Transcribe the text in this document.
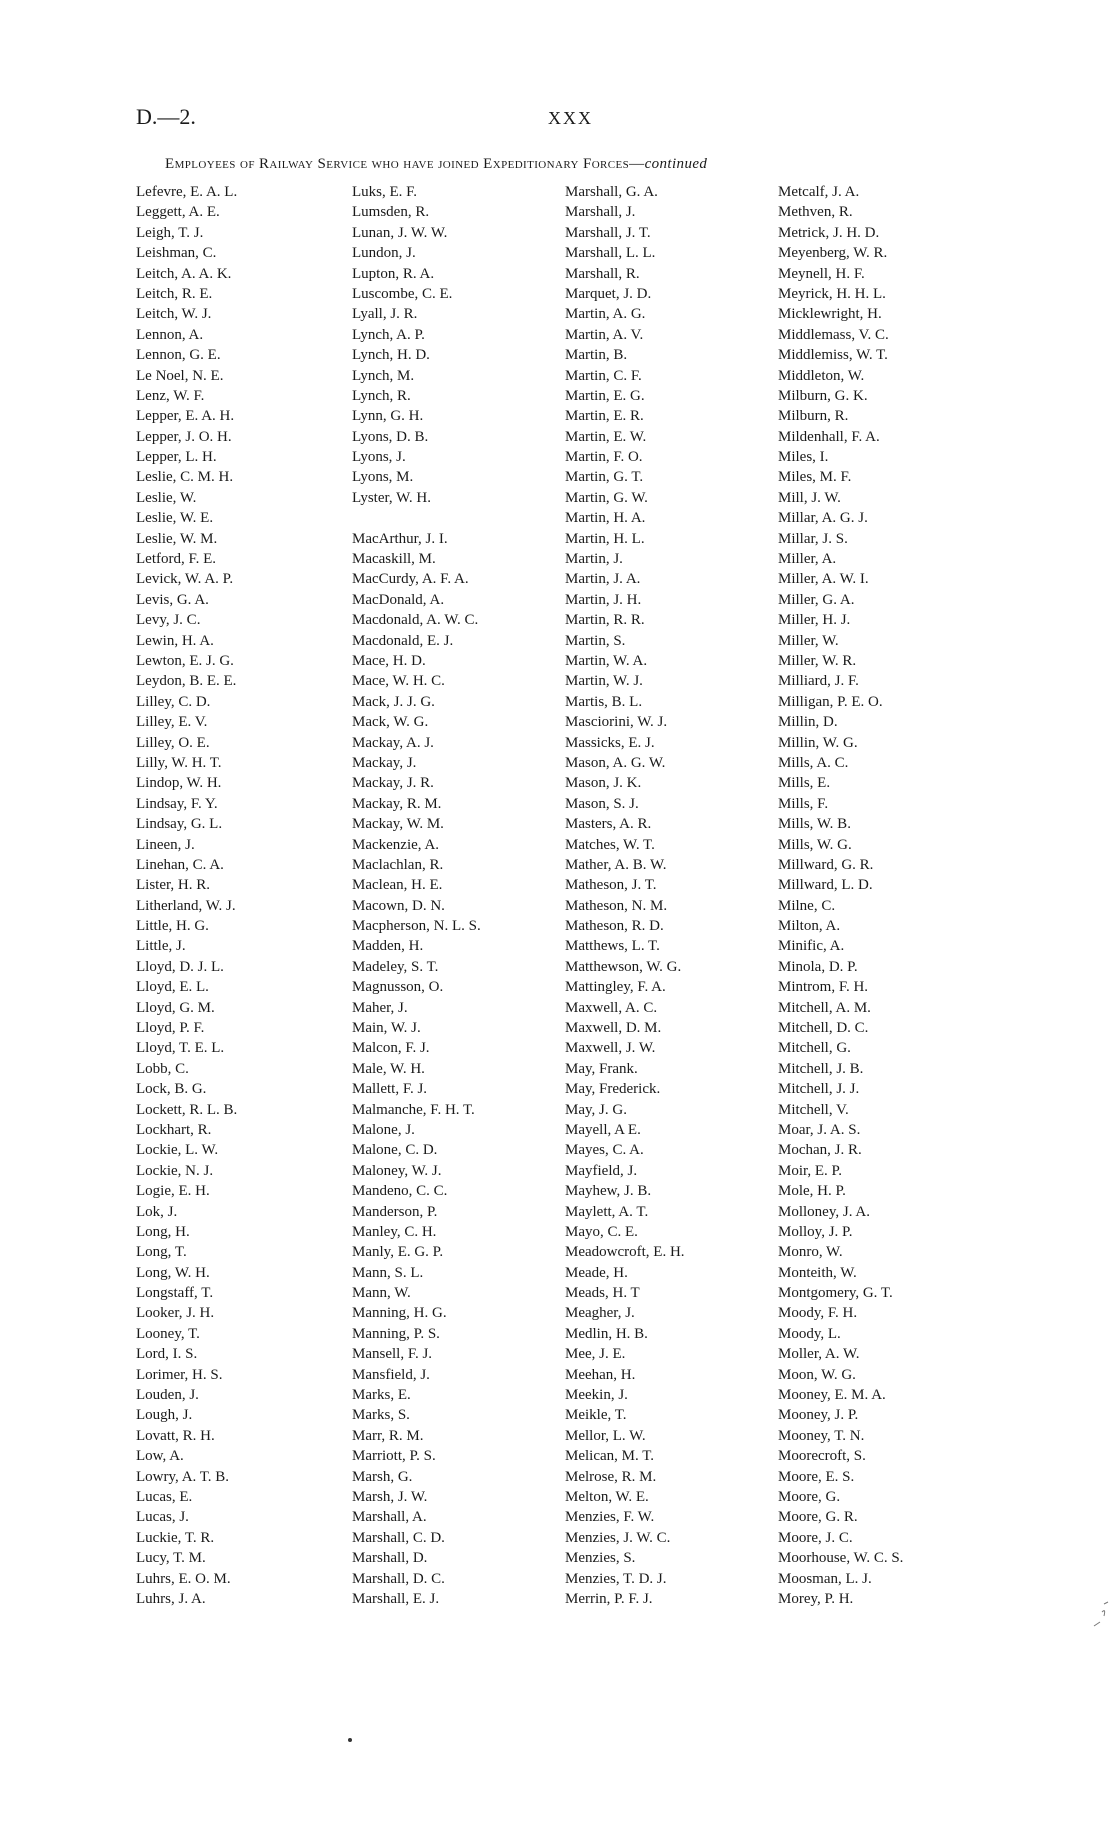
D.—2.	XXX
Employees of Railway Service who have joined Expeditionary Forces—continued
Lefevre, E. A. L.
Leggett, A. E.
Leigh, T. J.
Leishman, C.
Leitch, A. A. K.
Leitch, R. E.
Leitch, W. J.
Lennon, A.
Lennon, G. E.
Le Noel, N. E.
Lenz, W. F.
Lepper, E. A. H.
Lepper, J. O. H.
Lepper, L. H.
Leslie, C. M. H.
Leslie, W.
Leslie, W. E.
Leslie, W. M.
Letford, F. E.
Levick, W. A. P.
Levis, G. A.
Levy, J. C.
Lewin, H. A.
Lewton, E. J. G.
Leydon, B. E. E.
Lilley, C. D.
Lilley, E. V.
Lilley, O. E.
Lilly, W. H. T.
Lindop, W. H.
Lindsay, F. Y.
Lindsay, G. L.
Lineen, J.
Linehan, C. A.
Lister, H. R.
Litherland, W. J.
Little, H. G.
Little, J.
Lloyd, D. J. L.
Lloyd, E. L.
Lloyd, G. M.
Lloyd, P. F.
Lloyd, T. E. L.
Lobb, C.
Lock, B. G.
Lockett, R. L. B.
Lockhart, R.
Lockie, L. W.
Lockie, N. J.
Logie, E. H.
Lok, J.
Long, H.
Long, T.
Long, W. H.
Longstaff, T.
Looker, J. H.
Looney, T.
Lord, I. S.
Lorimer, H. S.
Louden, J.
Lough, J.
Lovatt, R. H.
Low, A.
Lowry, A. T. B.
Lucas, E.
Lucas, J.
Luckie, T. R.
Lucy, T. M.
Luhrs, E. O. M.
Luhrs, J. A.
Luks, E. F.
Lumsden, R.
Lunan, J. W. W.
Lundon, J.
Lupton, R. A.
Luscombe, C. E.
Lyall, J. R.
Lynch, A. P.
Lynch, H. D.
Lynch, M.
Lynch, R.
Lynn, G. H.
Lyons, D. B.
Lyons, J.
Lyons, M.
Lyster, W. H.
MacArthur, J. I.
Macaskill, M.
MacCurdy, A. F. A.
MacDonald, A.
Macdonald, A. W. C.
Macdonald, E. J.
Mace, H. D.
Mace, W. H. C.
Mack, J. J. G.
Mack, W. G.
Mackay, A. J.
Mackay, J.
Mackay, J. R.
Mackay, R. M.
Mackay, W. M.
Mackenzie, A.
Maclachlan, R.
Maclean, H. E.
Macown, D. N.
Macpherson, N. L. S.
Madden, H.
Madeley, S. T.
Magnusson, O.
Maher, J.
Main, W. J.
Malcon, F. J.
Male, W. H.
Mallett, F. J.
Malmanche, F. H. T.
Malone, J.
Malone, C. D.
Maloney, W. J.
Mandeno, C. C.
Manderson, P.
Manley, C. H.
Manly, E. G. P.
Mann, S. L.
Mann, W.
Manning, H. G.
Manning, P. S.
Mansell, F. J.
Mansfield, J.
Marks, E.
Marks, S.
Marr, R. M.
Marriott, P. S.
Marsh, G.
Marsh, J. W.
Marshall, A.
Marshall, C. D.
Marshall, D.
Marshall, D. C.
Marshall, E. J.
Marshall, G. A.
Marshall, J.
Marshall, J. T.
Marshall, L. L.
Marshall, R.
Marquet, J. D.
Martin, A. G.
Martin, A. V.
Martin, B.
Martin, C. F.
Martin, E. G.
Martin, E. R.
Martin, E. W.
Martin, F. O.
Martin, G. T.
Martin, G. W.
Martin, H. A.
Martin, H. L.
Martin, J.
Martin, J. A.
Martin, J. H.
Martin, R. R.
Martin, S.
Martin, W. A.
Martin, W. J.
Martis, B. L.
Masciorini, W. J.
Massicks, E. J.
Mason, A. G. W.
Mason, J. K.
Mason, S. J.
Masters, A. R.
Matches, W. T.
Mather, A. B. W.
Matheson, J. T.
Matheson, N. M.
Matheson, R. D.
Matthews, L. T.
Matthewson, W. G.
Mattingley, F. A.
Maxwell, A. C.
Maxwell, D. M.
Maxwell, J. W.
May, Frank.
May, Frederick.
May, J. G.
Mayell, A E.
Mayes, C. A.
Mayfield, J.
Mayhew, J. B.
Maylett, A. T.
Mayo, C. E.
Meadowcroft, E. H.
Meade, H.
Meads, H. T
Meagher, J.
Medlin, H. B.
Mee, J. E.
Meehan, H.
Meekin, J.
Meikle, T.
Mellor, L. W.
Melican, M. T.
Melrose, R. M.
Melton, W. E.
Menzies, F. W.
Menzies, J. W. C.
Menzies, S.
Menzies, T. D. J.
Merrin, P. F. J.
Metcalf, J. A.
Methven, R.
Metrick, J. H. D.
Meyenberg, W. R.
Meynell, H. F.
Meyrick, H. H. L.
Micklewright, H.
Middlemass, V. C.
Middlemiss, W. T.
Middleton, W.
Milburn, G. K.
Milburn, R.
Mildenhall, F. A.
Miles, I.
Miles, M. F.
Mill, J. W.
Millar, A. G. J.
Millar, J. S.
Miller, A.
Miller, A. W. I.
Miller, G. A.
Miller, H. J.
Miller, W.
Miller, W. R.
Milliard, J. F.
Milligan, P. E. O.
Millin, D.
Millin, W. G.
Mills, A. C.
Mills, E.
Mills, F.
Mills, W. B.
Mills, W. G.
Millward, G. R.
Millward, L. D.
Milne, C.
Milton, A.
Minific, A.
Minola, D. P.
Mintrom, F. H.
Mitchell, A. M.
Mitchell, D. C.
Mitchell, G.
Mitchell, J. B.
Mitchell, J. J.
Mitchell, V.
Moar, J. A. S.
Mochan, J. R.
Moir, E. P.
Mole, H. P.
Molloney, J. A.
Molloy, J. P.
Monro, W.
Monteith, W.
Montgomery, G. T.
Moody, F. H.
Moody, L.
Moller, A. W.
Moon, W. G.
Mooney, E. M. A.
Mooney, J. P.
Mooney, T. N.
Moorecroft, S.
Moore, E. S.
Moore, G.
Moore, G. R.
Moore, J. C.
Moorhouse, W. C. S.
Moosman, L. J.
Morey, P. H.
